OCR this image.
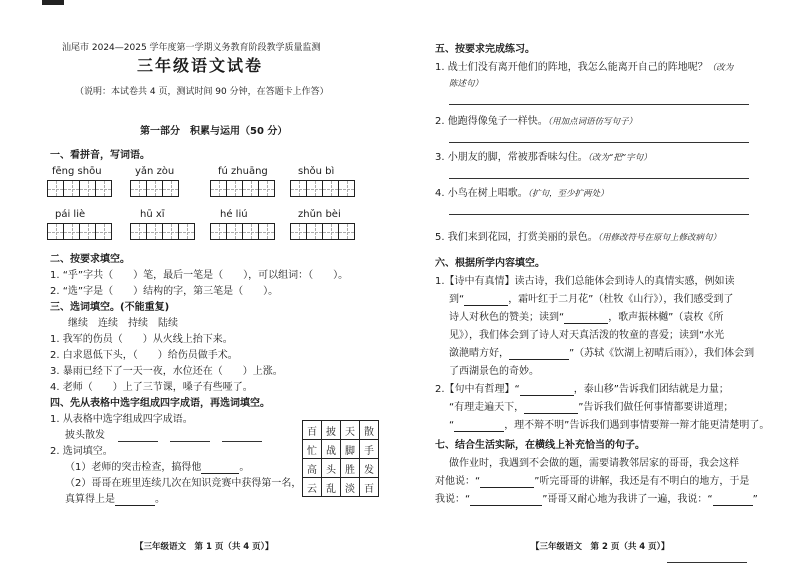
汕尾市 2024—2025 学年度第一学期义务教育阶段教学质量监测
三年级语文试卷
（说明：本试卷共 4 页，测试时间 90 分钟，在答题卡上作答）
第一部分　积累与运用（50 分）
一、看拼音，写词语。
fēng shōu	yǎn zòu	fú zhuāng	shǒu bì
pái liè	hū xī	hé liú	zhǔn bèi
二、按要求填空。
1. “乎”字共（　　）笔，最后一笔是（　　），可以组词：（　　）。
2. “选”字是（　　）结构的字，第三笔是（　　）。
三、选词填空。(不能重复)
继续　连续　持续　陆续
1. 我军的伤员（　　）从火线上抬下来。
2. 白求恩低下头，（　　）给伤员做手术。
3. 暴雨已经下了一天一夜，水位还在（　　）上涨。
4. 老师（　　）上了三节课，嗓子有些哑了。
四、先从表格中选字组成四字成语，再选词填空。
1. 从表格中选字组成四字成语。
披头散发
2. 选词填空。
（1）老师的突击检查，搞得他	。
（2）哥哥在班里连续几次在知识竞赛中获得第一名，
真算得上是	。
百	披	天	散
忙	战	脚	手
高	头	胜	发
云	乱	淡	百
【三年级语文　第 1 页（共 4 页）】
五、按要求完成练习。
1. 战士们没有离开他们的阵地，我怎么能离开自己的阵地呢？（改为
陈述句）
2. 他跑得像兔子一样快。（用加点词语仿写句子）
3. 小朋友的脚，常被那香味勾住。（改为“把”字句）
4. 小鸟在树上唱歌。（扩句，至少扩两处）
5. 我们来到花园，打赏美丽的景色。（用修改符号在原句上修改病句）
六、根据所学内容填空。
1.【诗中有真情】读古诗，我们总能体会到诗人的真情实感，例如读
到“	，霜叶红于二月花”（杜牧《山行》），我们感受到了
诗人对秋色的赞美；读到“	，歌声振林樾”（袁枚《所
见》），我们体会到了诗人对天真活泼的牧童的喜爱；读到“水光
潋滟晴方好，	”（苏轼《饮湖上初晴后雨》），我们体会到
了西湖景色的奇妙。
2.【句中有哲理】“	，泰山移”告诉我们团结就是力量；
“有理走遍天下，	”告诉我们做任何事情都要讲道理；
“	，理不辩不明”告诉我们遇到事情要辩一辩才能更清楚明了。
七、结合生活实际，在横线上补充恰当的句子。
做作业时，我遇到不会做的题，需要请教邻居家的哥哥，我会这样
对他说：“	”听完哥哥的讲解，我还是有不明白的地方，于是
我说：“	”哥哥又耐心地为我讲了一遍，我说：“	”
【三年级语文　第 2 页（共 4 页）】
